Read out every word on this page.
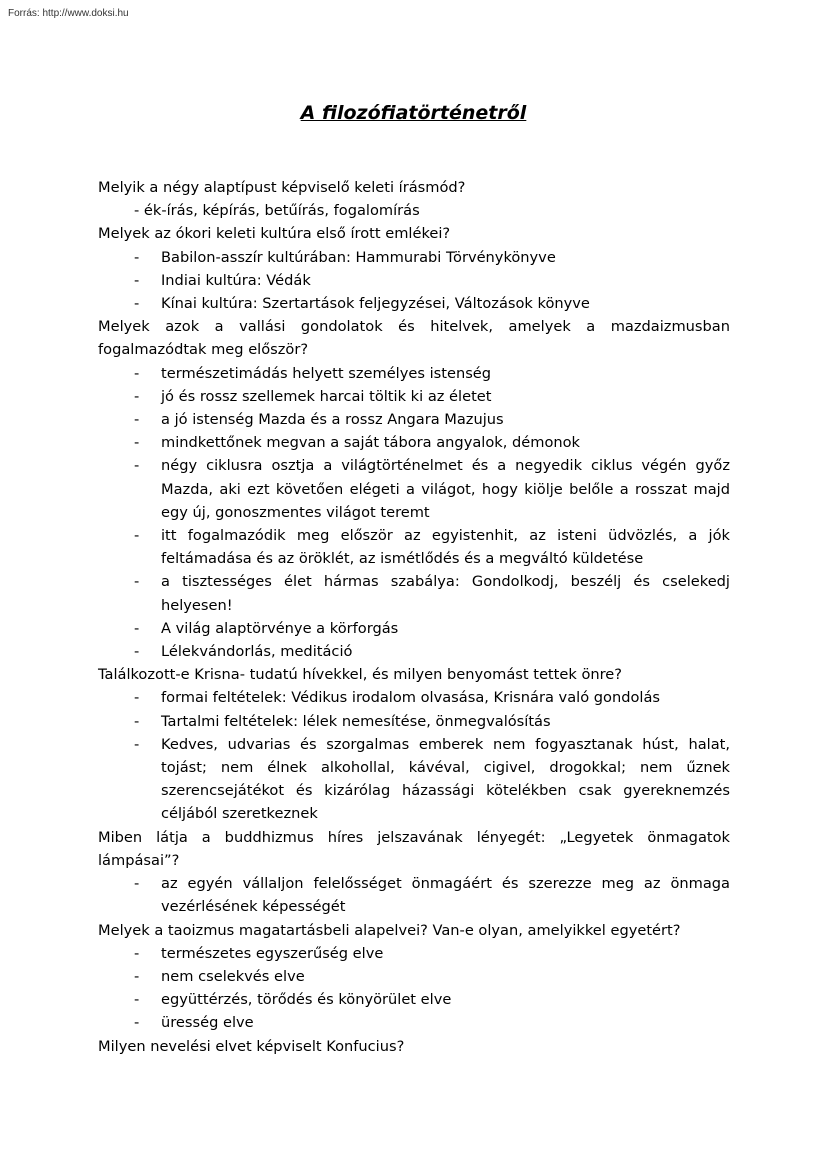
Forrás: http://www.doksi.hu
A filozófiatörténetről
Melyik a négy alaptípust képviselő keleti írásmód?
- ék-írás, képírás, betűírás, fogalomírás
Melyek az ókori keleti kultúra első írott emlékei?
- Babilon-asszír kultúrában: Hammurabi Törvénykönyve
- Indiai kultúra: Védák
- Kínai kultúra: Szertartások feljegyzései, Változások könyve
Melyek azok a vallási gondolatok és hitelvek, amelyek a mazdaizmusban fogalmazódtak meg először?
- természetimádás helyett személyes istenség
- jó és rossz szellemek harcai töltik ki az életet
- a jó istenség Mazda és a rossz Angara Mazujus
- mindkettőnek megvan a saját tábora angyalok, démonok
- négy ciklusra osztja a világtörténelmet és a negyedik ciklus végén győz Mazda, aki ezt követően elégeti a világot, hogy kiölje belőle a rosszat majd egy új, gonoszmentes világot teremt
- itt fogalmazódik meg először az egyistenhit, az isteni üdvözlés, a jók feltámadása és az öröklét, az ismétlődés és a megváltó küldetése
- a tisztességes élet hármas szabálya: Gondolkodj, beszélj és cselekedj helyesen!
- A világ alaptörvénye a körforgás
- Lélekvándorlás, meditáció
Találkozott-e Krisna- tudatú hívekkel, és milyen benyomást tettek önre?
- formai feltételek: Védikus irodalom olvasása, Krisnára való gondolás
- Tartalmi feltételek: lélek nemesítése, önmegvalósítás
- Kedves, udvarias és szorgalmas emberek nem fogyasztanak húst, halat, tojást; nem élnek alkohollal, kávéval, cigivel, drogokkal; nem űznek szerencsejátékot és kizárólag házassági kötelékben csak gyereknemzés céljából szeretkeznek
Miben látja a buddhizmus híres jelszavának lényegét: „Legyetek önmagatok lámpásai”?
- az egyén vállaljon felelősséget önmagáért és szerezze meg az önmaga vezérlésének képességét
Melyek a taoizmus magatartásbeli alapelvei? Van-e olyan, amelyikkel egyetért?
- természetes egyszerűség elve
- nem cselekvés elve
- együttérzés, törődés és könyörület elve
- üresség elve
Milyen nevelési elvet képviselt Konfucius?
